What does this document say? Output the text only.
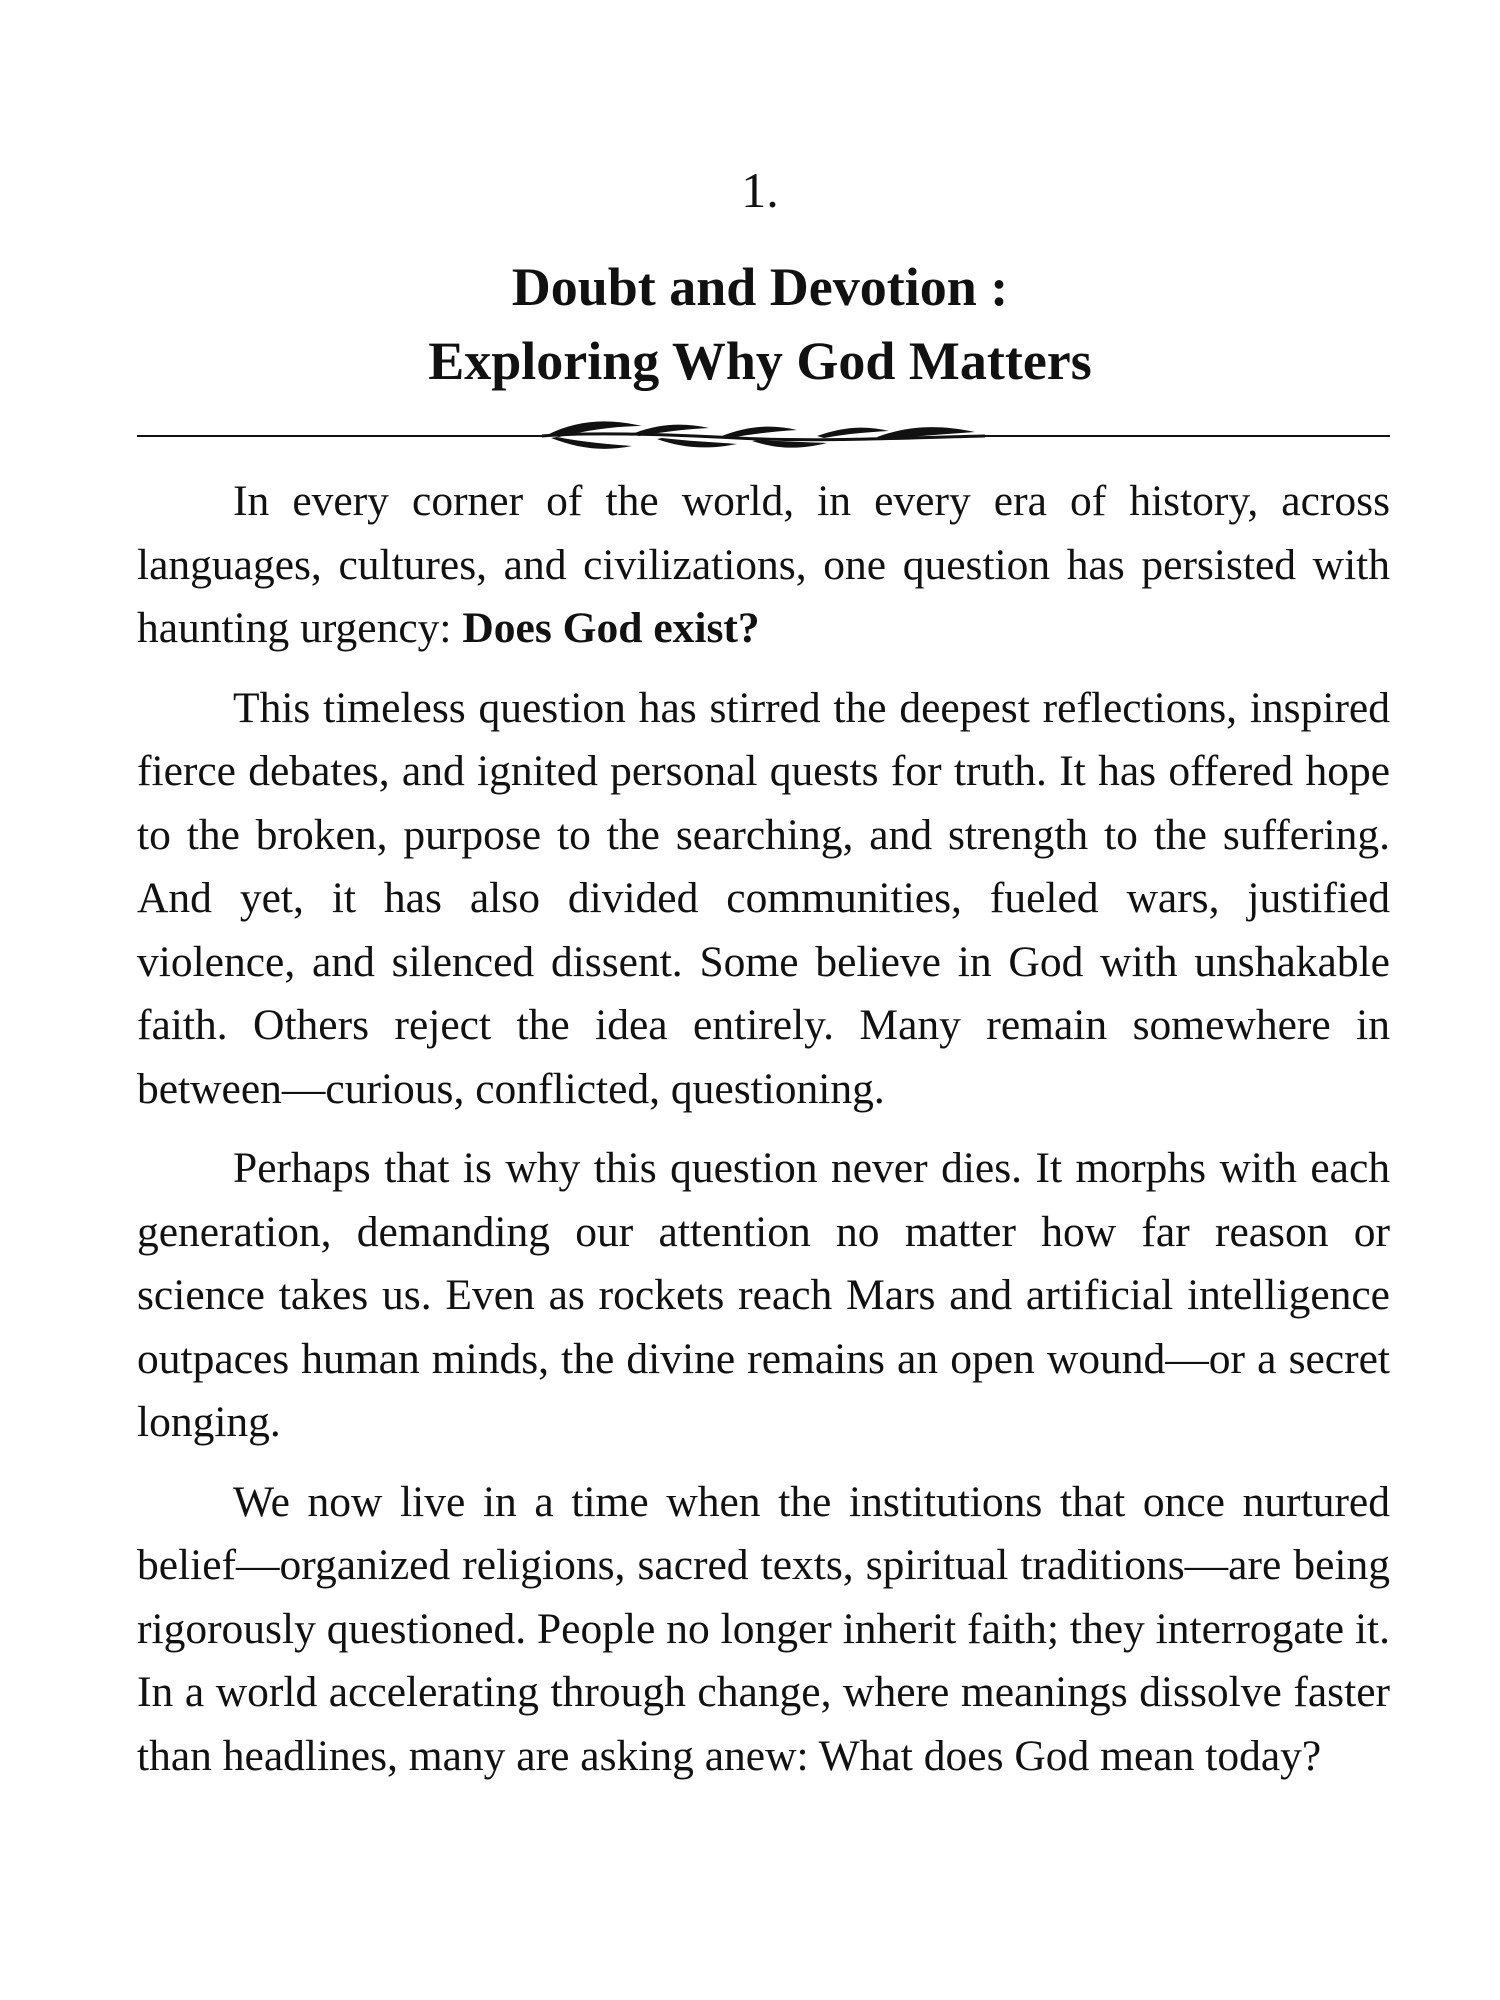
1.
Doubt and Devotion :
Exploring Why God Matters

In every corner of the world, in every era of history, across languages, cultures, and civilizations, one question has persisted with haunting urgency: Does God exist?

This timeless question has stirred the deepest reflections, inspired fierce debates, and ignited personal quests for truth. It has offered hope to the broken, purpose to the searching, and strength to the suffering. And yet, it has also divided communities, fueled wars, justified violence, and silenced dissent. Some believe in God with unshakable faith. Others reject the idea entirely. Many remain somewhere in between—curious, conflicted, questioning.

Perhaps that is why this question never dies. It morphs with each generation, demanding our attention no matter how far reason or science takes us. Even as rockets reach Mars and artificial intelligence outpaces human minds, the divine remains an open wound—or a secret longing.

We now live in a time when the institutions that once nurtured belief—organized religions, sacred texts, spiritual traditions—are being rigorously questioned. People no longer inherit faith; they interrogate it. In a world accelerating through change, where meanings dissolve faster than headlines, many are asking anew: What does God mean today?
